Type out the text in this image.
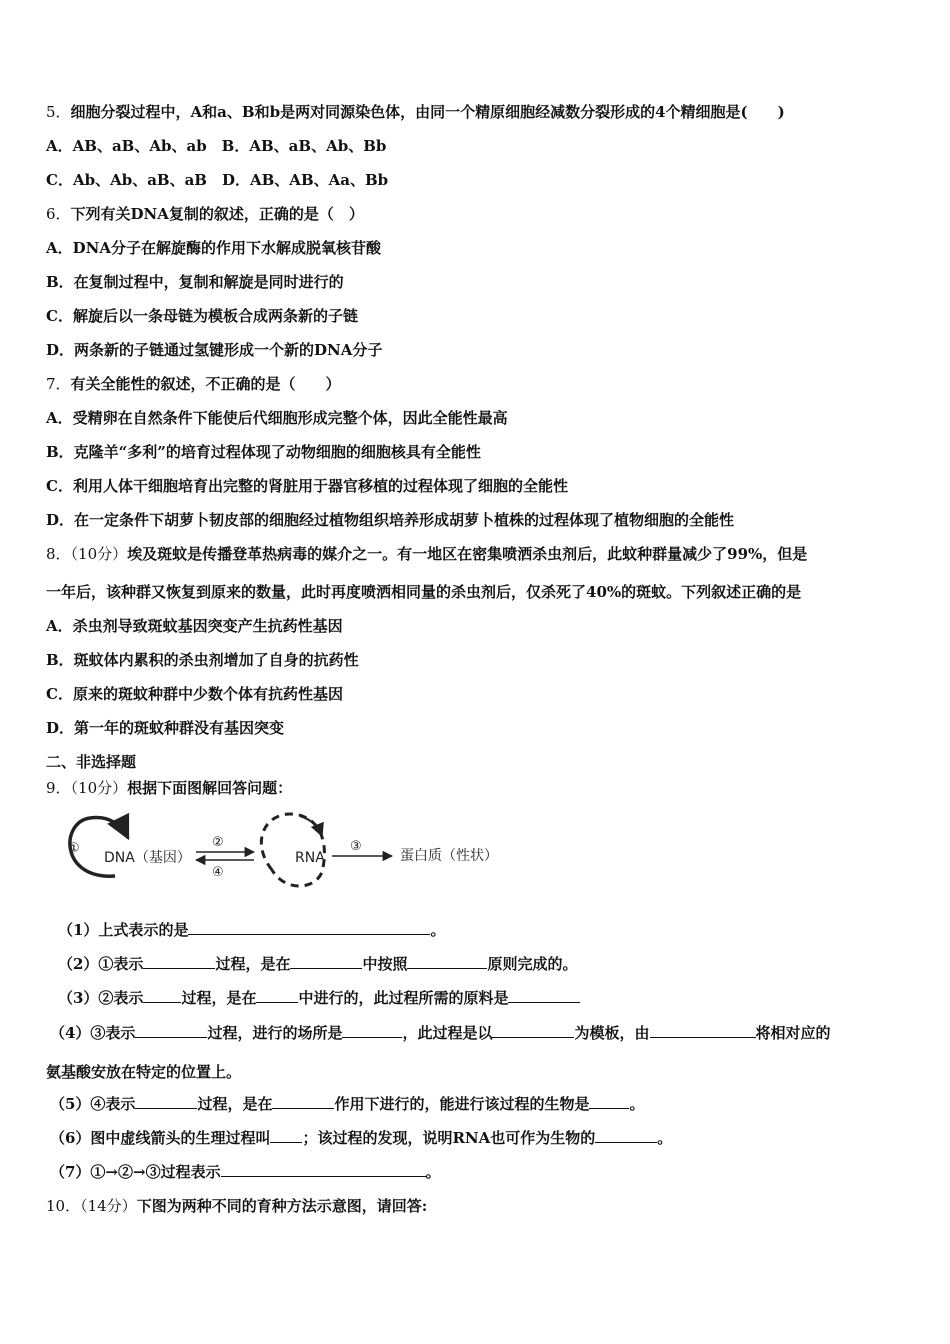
5．细胞分裂过程中，A和a、B和b是两对同源染色体，由同一个精原细胞经减数分裂形成的4个精细胞是(　　)
A．AB、aB、Ab、ab　B．AB、aB、Ab、Bb
C．Ab、Ab、aB、aB　D．AB、AB、Aa、Bb
6．下列有关DNA复制的叙述，正确的是（　）
A．DNA分子在解旋酶的作用下水解成脱氧核苷酸
B．在复制过程中，复制和解旋是同时进行的
C．解旋后以一条母链为模板合成两条新的子链
D．两条新的子链通过氢键形成一个新的DNA分子
7．有关全能性的叙述，不正确的是（　　）
A．受精卵在自然条件下能使后代细胞形成完整个体，因此全能性最高
B．克隆羊“多利”的培育过程体现了动物细胞的细胞核具有全能性
C．利用人体干细胞培育出完整的肾脏用于器官移植的过程体现了细胞的全能性
D．在一定条件下胡萝卜韧皮部的细胞经过植物组织培养形成胡萝卜植株的过程体现了植物细胞的全能性
8．（10分）埃及斑蚊是传播登革热病毒的媒介之一。有一地区在密集喷洒杀虫剂后，此蚊种群量减少了99%，但是
一年后，该种群又恢复到原来的数量，此时再度喷洒相同量的杀虫剂后，仅杀死了40%的斑蚊。下列叙述正确的是
A．杀虫剂导致斑蚊基因突变产生抗药性基因
B．斑蚊体内累积的杀虫剂增加了自身的抗药性
C．原来的斑蚊种群中少数个体有抗药性基因
D．第一年的斑蚊种群没有基因突变
二、非选择题
9．（10分）根据下面图解回答问题：
①
DNA（基因）
②
④
RNA
③
蛋白质（性状）
（1）上式表示的是	。
（2）①表示	过程，是在	中按照	原则完成的。
（3）②表示	过程，是在	中进行的，此过程所需的原料是
（4）③表示	过程，进行的场所是	，此过程是以	为模板，由	将相对应的
氨基酸安放在特定的位置上。
（5）④表示	过程，是在	作用下进行的，能进行该过程的生物是	。
（6）图中虚线箭头的生理过程叫 ；该过程的发现，说明RNA也可作为生物的	。
（7）①→②→③过程表示	。
10．（14分）下图为两种不同的育种方法示意图，请回答:
